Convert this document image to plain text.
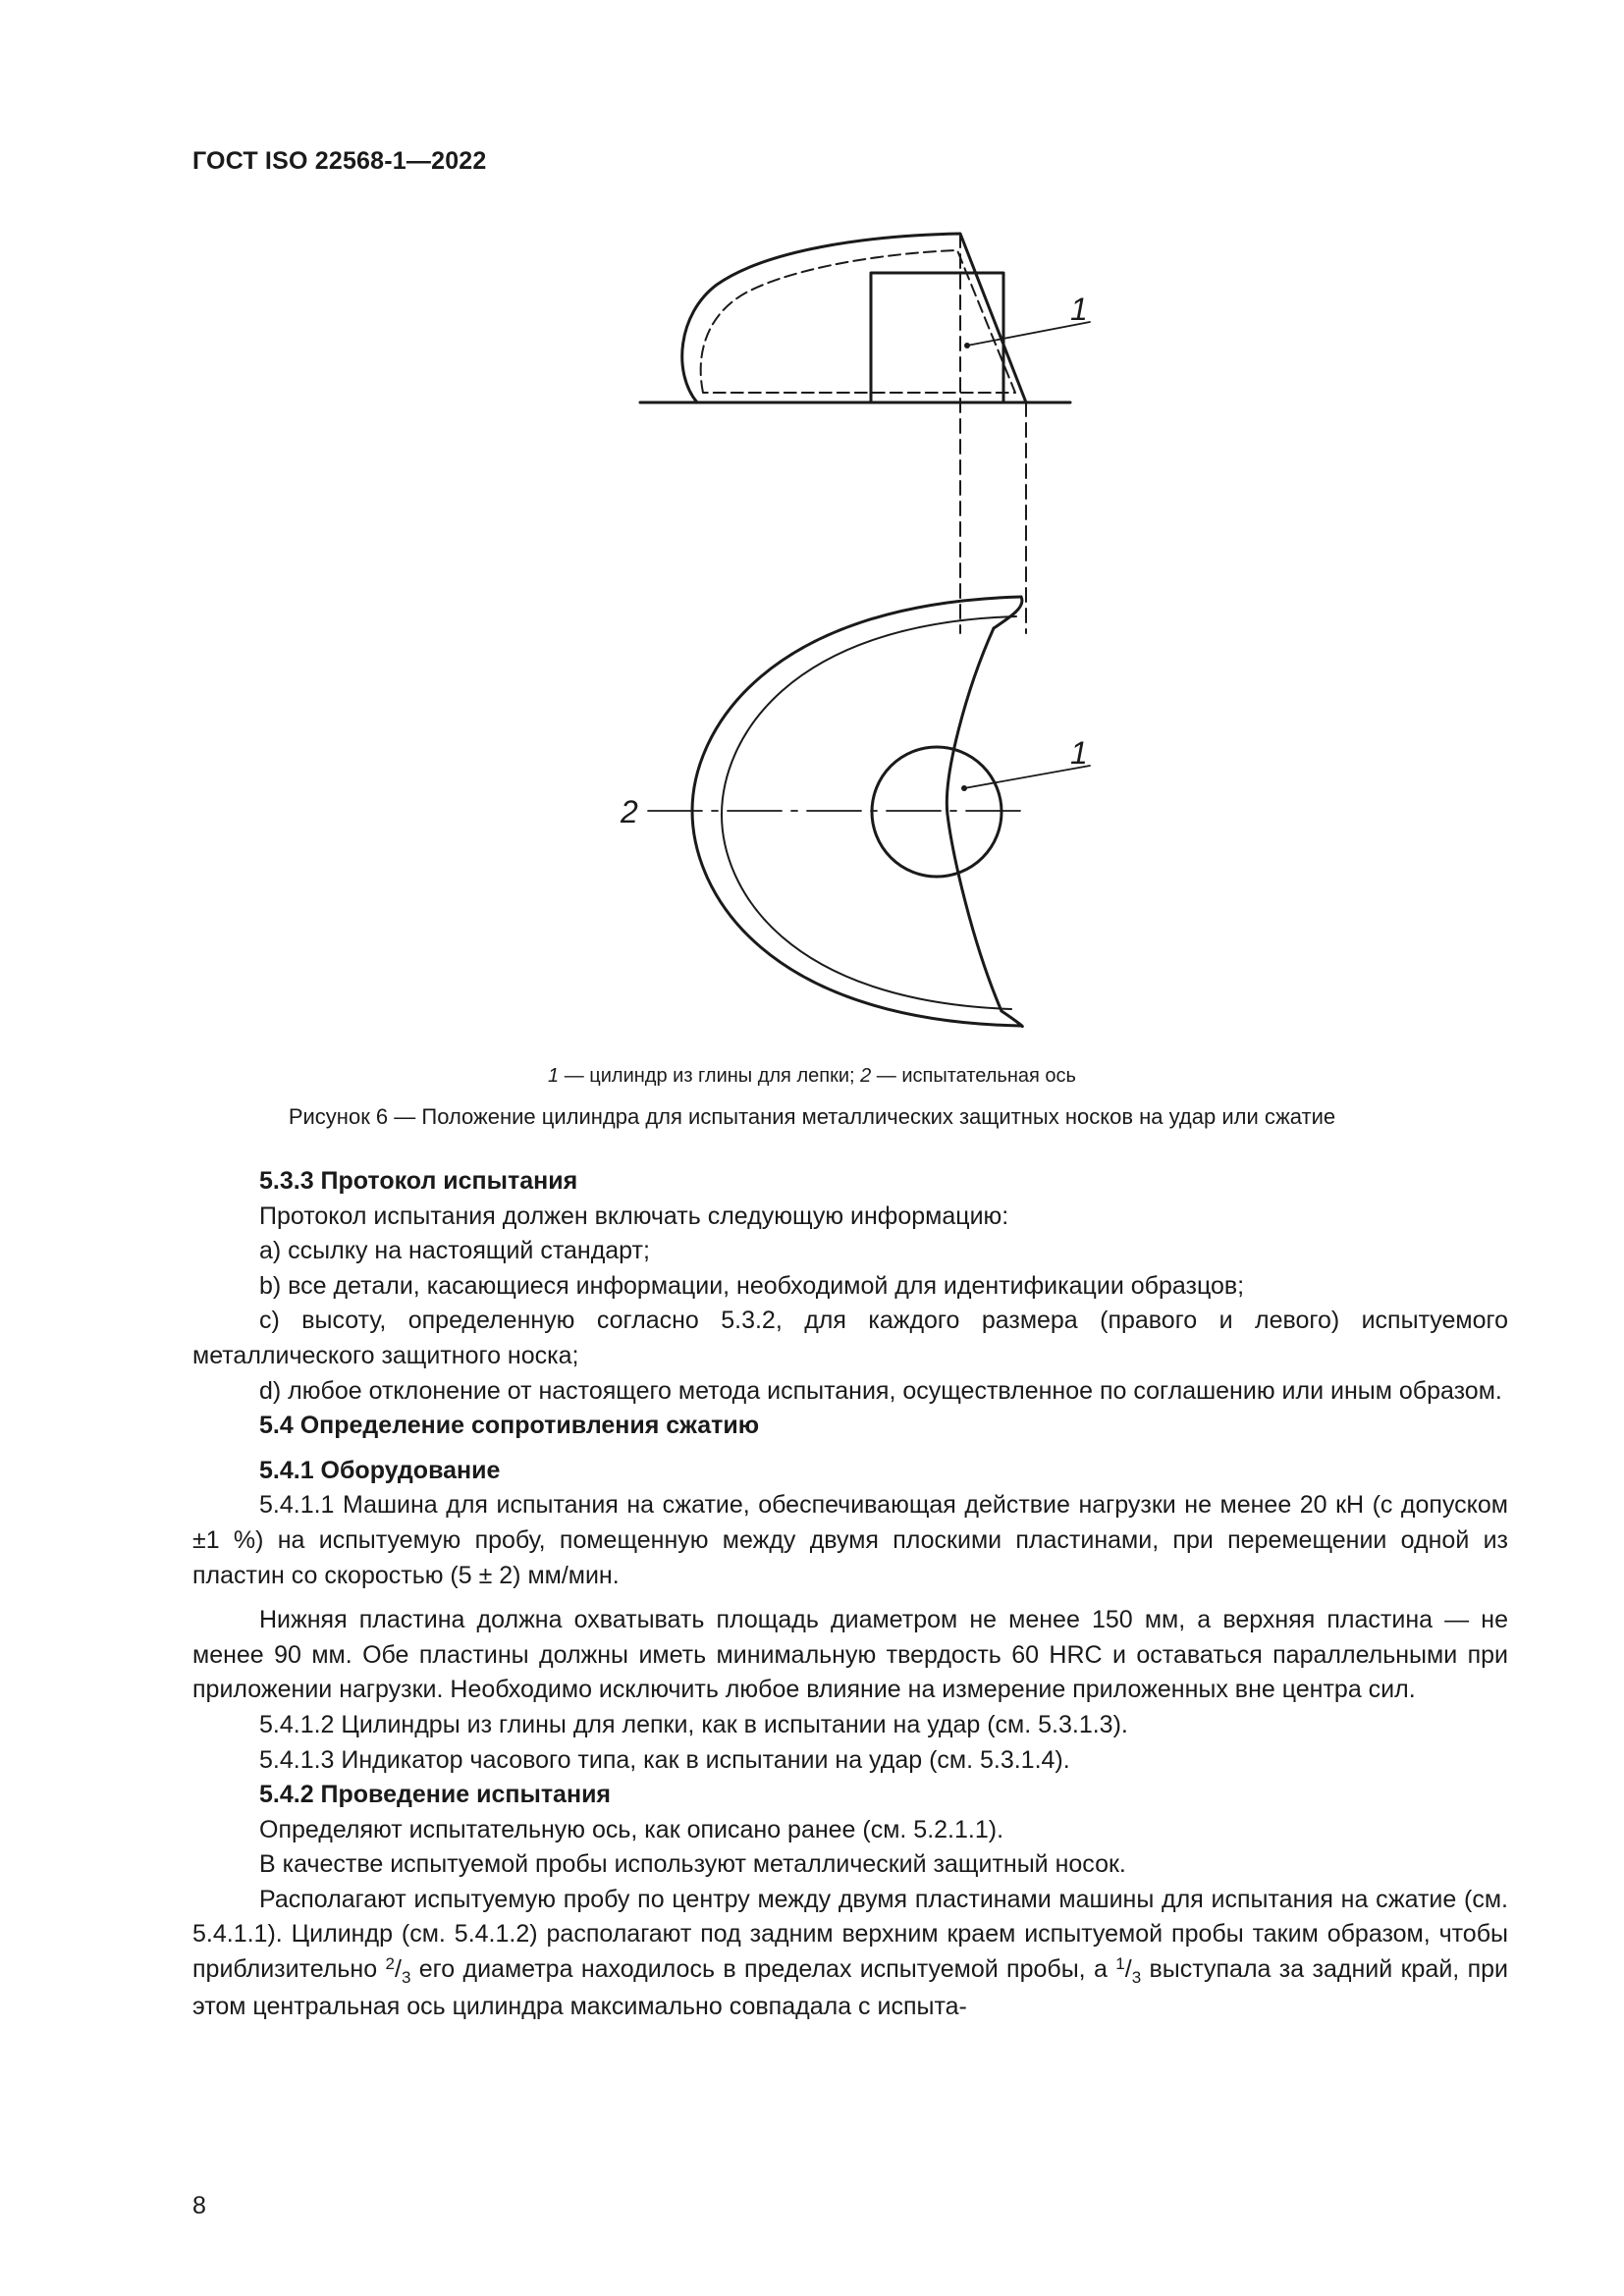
ГОСТ ISO 22568-1—2022
1
1
2
1 — цилиндр из глины для лепки; 2 — испытательная ось
Рисунок 6 — Положение цилиндра для испытания металлических защитных носков на удар или сжатие

5.3.3 Протокол испытания

Протокол испытания должен включать следующую информацию:

a) ссылку на настоящий стандарт;

b) все детали, касающиеся информации, необходимой для идентификации образцов;

c) высоту, определенную согласно 5.3.2, для каждого размера (правого и левого) испытуемого металлического защитного носка;

d) любое отклонение от настоящего метода испытания, осуществленное по соглашению или иным образом.

5.4 Определение сопротивления сжатию

5.4.1 Оборудование

5.4.1.1 Машина для испытания на сжатие, обеспечивающая действие нагрузки не менее 20 кН (с допуском ±1 %) на испытуемую пробу, помещенную между двумя плоскими пластинами, при перемещении одной из пластин со скоростью (5 ± 2) мм/мин.

Нижняя пластина должна охватывать площадь диаметром не менее 150 мм, а верхняя пластина — не менее 90 мм. Обе пластины должны иметь минимальную твердость 60 HRC и оставаться параллельными при приложении нагрузки. Необходимо исключить любое влияние на измерение приложенных вне центра сил.

5.4.1.2 Цилиндры из глины для лепки, как в испытании на удар (см. 5.3.1.3).

5.4.1.3 Индикатор часового типа, как в испытании на удар (см. 5.3.1.4).

5.4.2 Проведение испытания

Определяют испытательную ось, как описано ранее (см. 5.2.1.1).

В качестве испытуемой пробы используют металлический защитный носок.

Располагают испытуемую пробу по центру между двумя пластинами машины для испытания на сжатие (см. 5.4.1.1). Цилиндр (см. 5.4.1.2) располагают под задним верхним краем испытуемой пробы таким образом, чтобы приблизительно $^2/_3$ его диаметра находилось в пределах испытуемой пробы, а $^1/_3$ выступала за задний край, при этом центральная ось цилиндра максимально совпадала с испыта-

8
